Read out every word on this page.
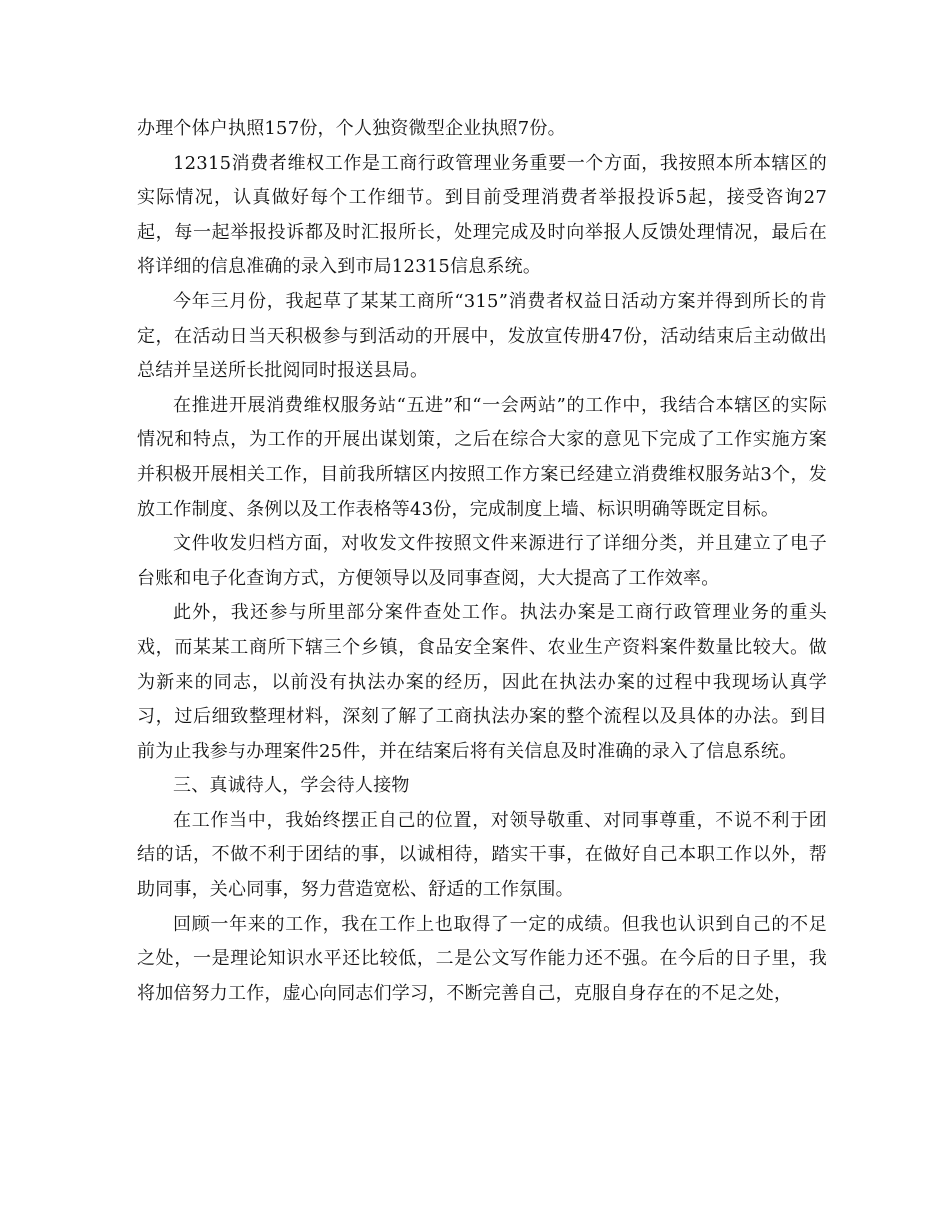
办理个体户执照157份，个人独资微型企业执照7份。

12315消费者维权工作是工商行政管理业务重要一个方面，我按照本所本辖区的实际情况，认真做好每个工作细节。到目前受理消费者举报投诉5起，接受咨询27起，每一起举报投诉都及时汇报所长，处理完成及时向举报人反馈处理情况，最后在将详细的信息准确的录入到市局12315信息系统。

今年三月份，我起草了某某工商所“315”消费者权益日活动方案并得到所长的肯定，在活动日当天积极参与到活动的开展中，发放宣传册47份，活动结束后主动做出总结并呈送所长批阅同时报送县局。

在推进开展消费维权服务站“五进”和“一会两站”的工作中，我结合本辖区的实际情况和特点，为工作的开展出谋划策，之后在综合大家的意见下完成了工作实施方案并积极开展相关工作，目前我所辖区内按照工作方案已经建立消费维权服务站3个，发放工作制度、条例以及工作表格等43份，完成制度上墙、标识明确等既定目标。

文件收发归档方面，对收发文件按照文件来源进行了详细分类，并且建立了电子台账和电子化查询方式，方便领导以及同事查阅，大大提高了工作效率。

此外，我还参与所里部分案件查处工作。执法办案是工商行政管理业务的重头戏，而某某工商所下辖三个乡镇，食品安全案件、农业生产资料案件数量比较大。做为新来的同志，以前没有执法办案的经历，因此在执法办案的过程中我现场认真学习，过后细致整理材料，深刻了解了工商执法办案的整个流程以及具体的办法。到目前为止我参与办理案件25件，并在结案后将有关信息及时准确的录入了信息系统。

三、真诚待人，学会待人接物

在工作当中，我始终摆正自己的位置，对领导敬重、对同事尊重，不说不利于团结的话，不做不利于团结的事，以诚相待，踏实干事，在做好自己本职工作以外，帮助同事，关心同事，努力营造宽松、舒适的工作氛围。

回顾一年来的工作，我在工作上也取得了一定的成绩。但我也认识到自己的不足之处，一是理论知识水平还比较低，二是公文写作能力还不强。在今后的日子里，我将加倍努力工作，虚心向同志们学习，不断完善自己，克服自身存在的不足之处，
